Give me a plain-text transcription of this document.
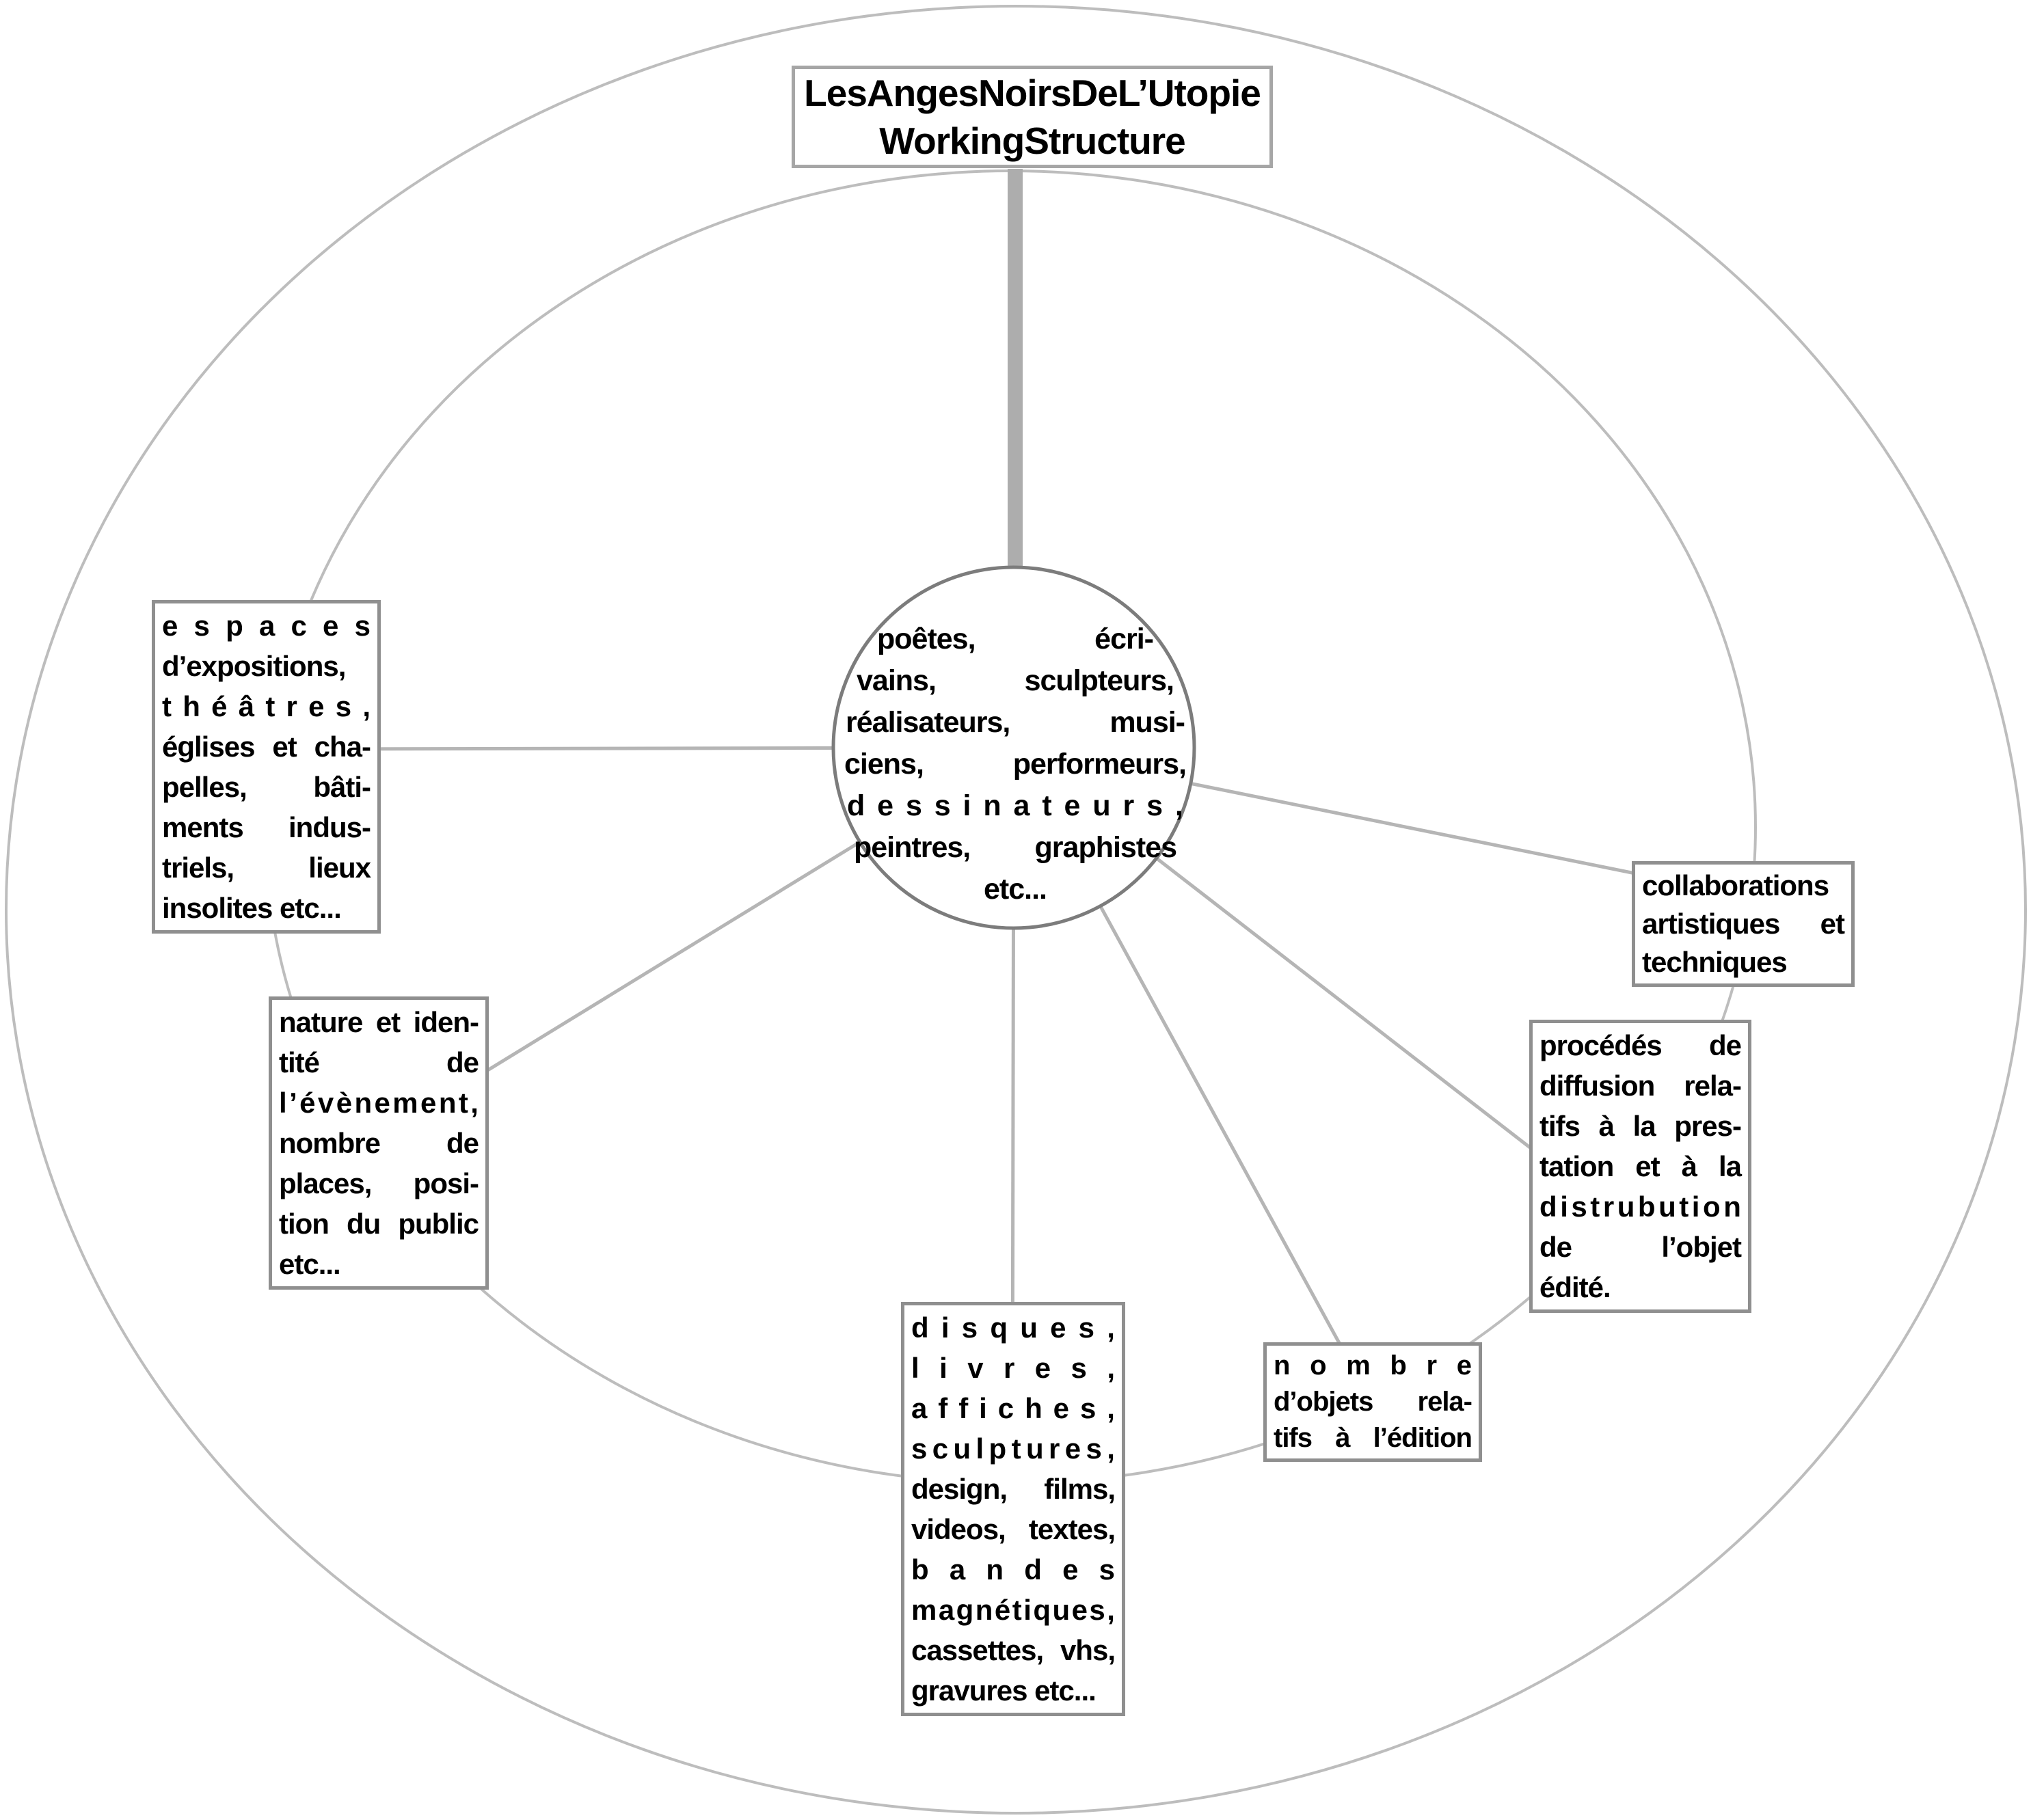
LesAngesNoirsDeL’Utopie
WorkingStructure
poêtes,	écri-
vains,	sculpteurs,
réalisateurs,	musi-
ciens,	performeurs,
d e s s i n a t e u r s ,
peintres, graphistes
etc...
e s p a c e s
d’expositions,
t h é â t r e s ,
églises et cha-
pelles, bâti-
ments indus-
triels,	lieux
insolites etc...
nature et iden-
tité	de
l ’ é v è n e m e n t ,
nombre de
places, posi-
tion du public
etc...
d i s q u e s ,
l i v r e s ,
a f f i c h e s ,
s c u l p t u r e s ,
design, films,
videos, textes,
b a n d e s
m a g n é t i q u e s ,
cassettes, vhs,
gravures etc...
n o m b r e
d’objets rela-
tifs à l’édition
procédés de
diffusion rela-
tifs à la pres-
tation et à la
d i s t r u b u t i o n
de	l’objet
édité.
collaborations
artistiques et
techniques
